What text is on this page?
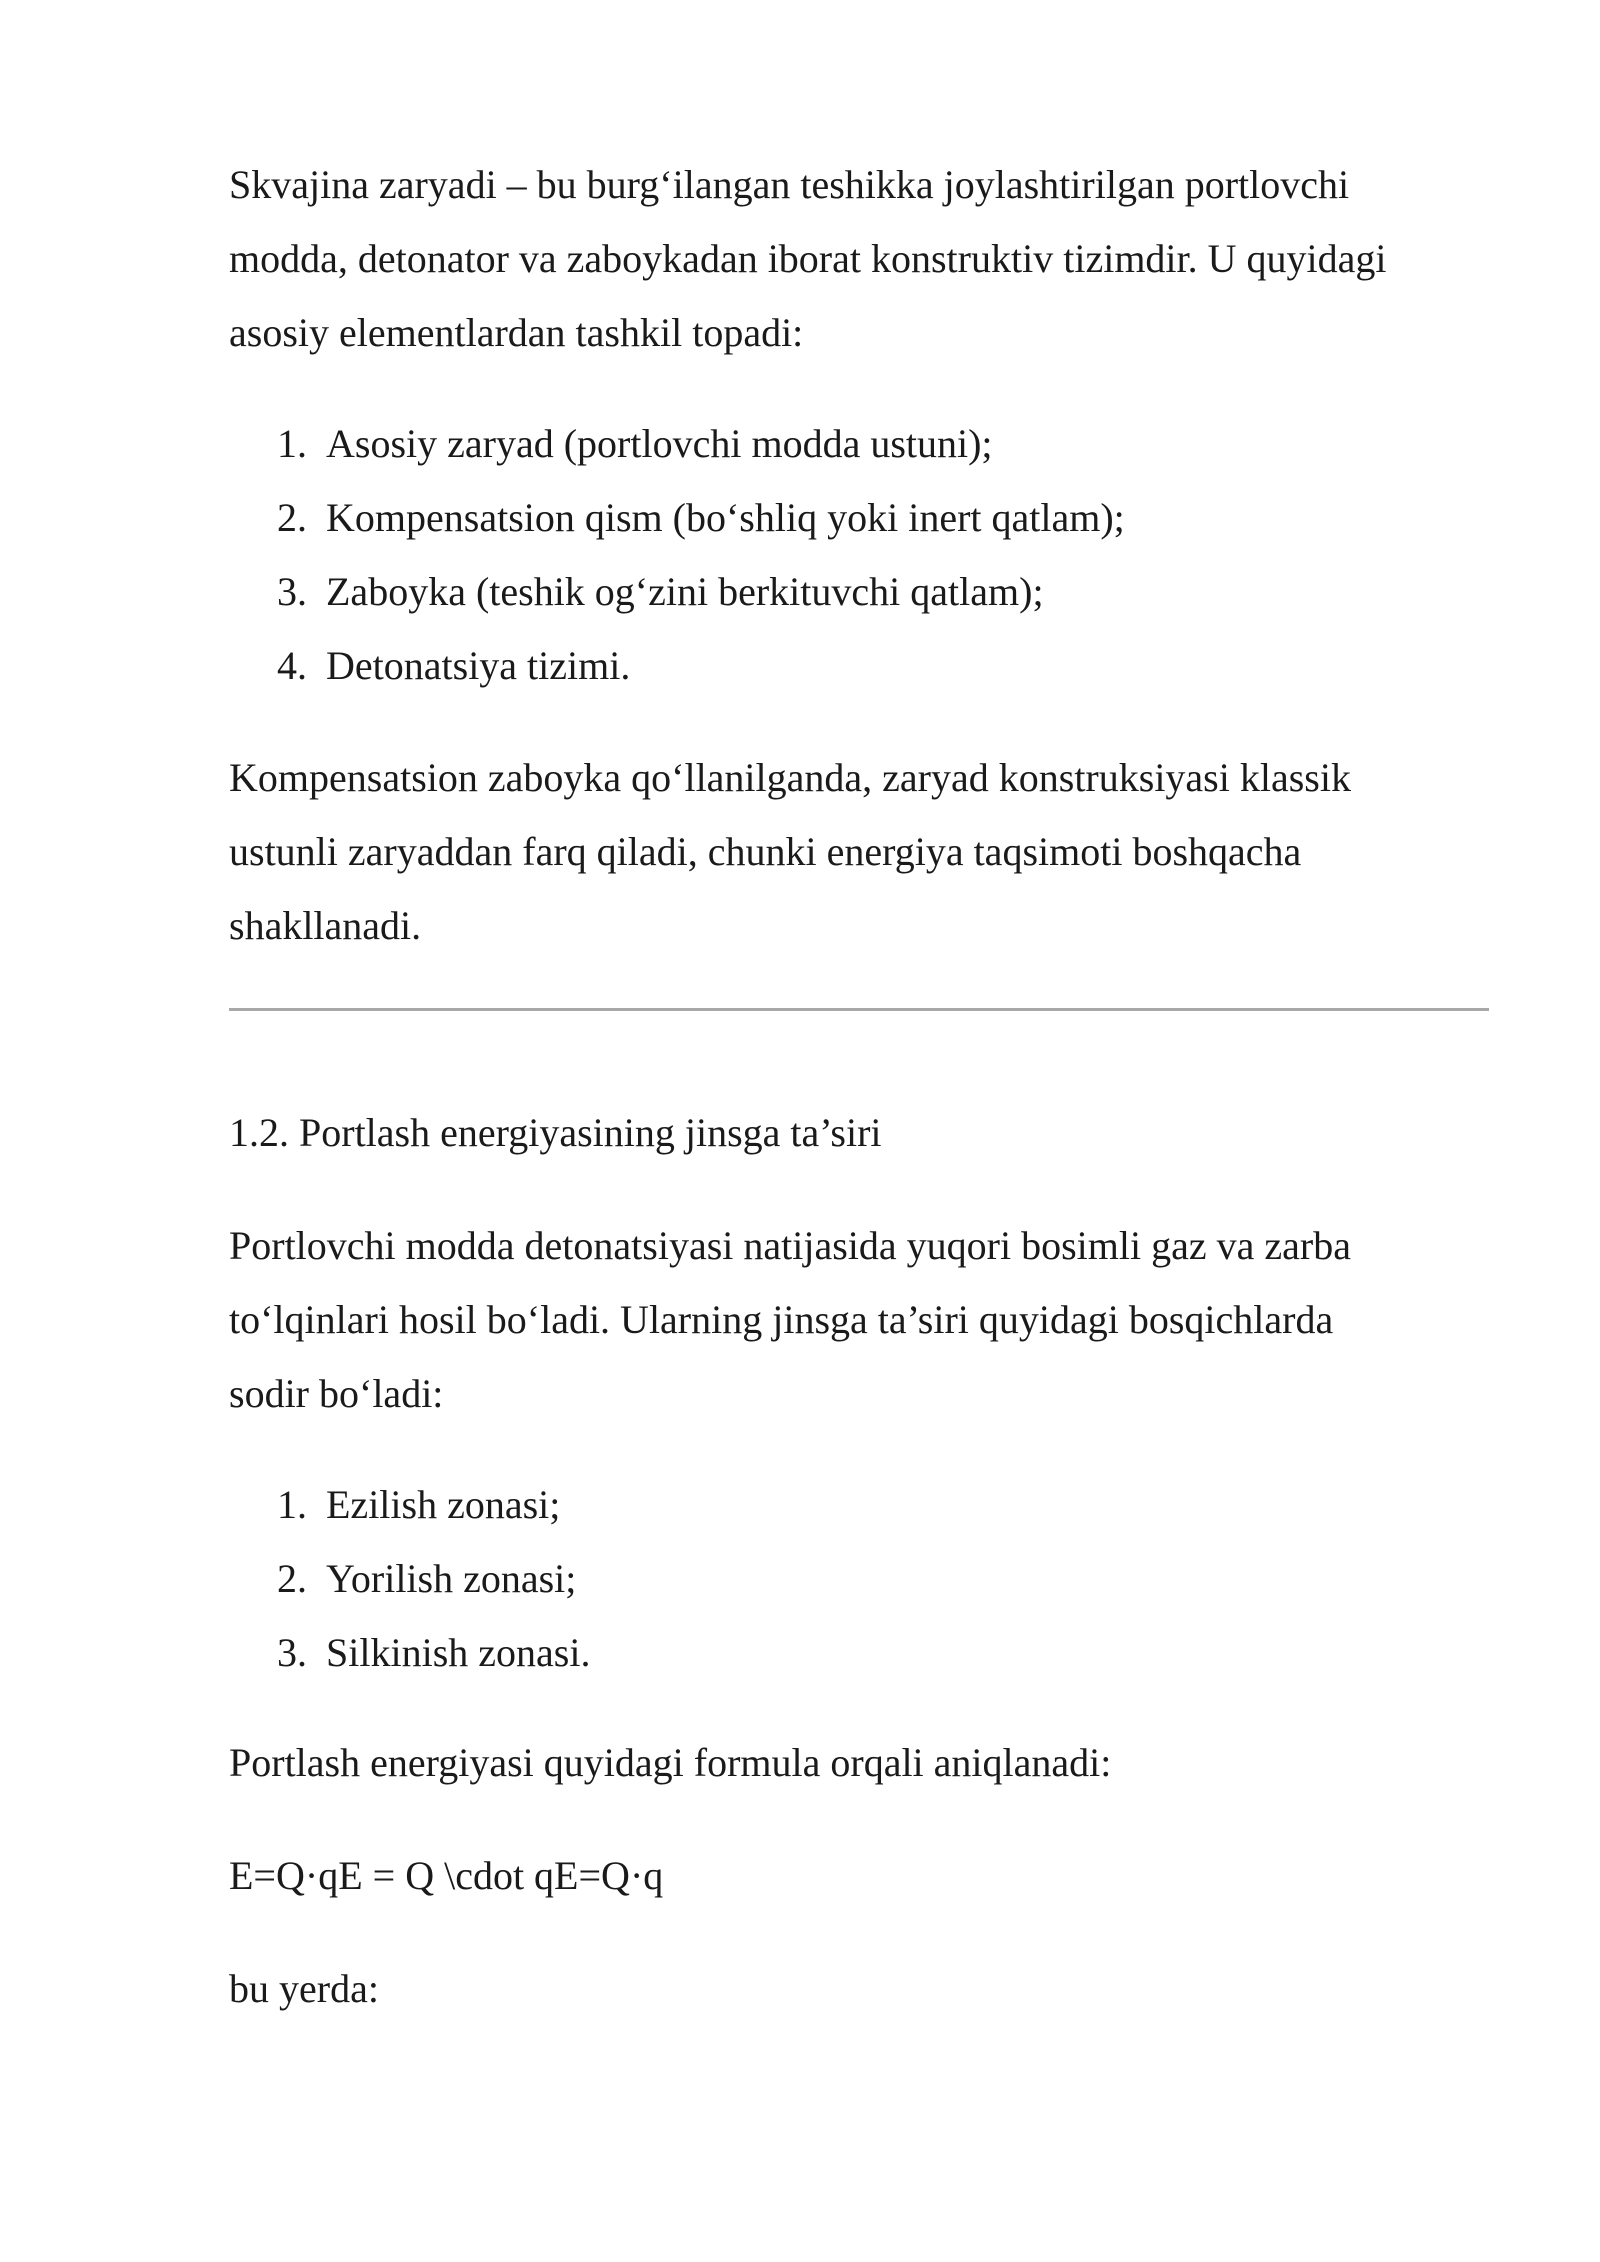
Skvajina zaryadi – bu burg‘ilangan teshikka joylashtirilgan portlovchi
modda, detonator va zaboykadan iborat konstruktiv tizimdir. U quyidagi
asosiy elementlardan tashkil topadi:

1. Asosiy zaryad (portlovchi modda ustuni);
2. Kompensatsion qism (bo‘shliq yoki inert qatlam);
3. Zaboyka (teshik og‘zini berkituvchi qatlam);
4. Detonatsiya tizimi.

Kompensatsion zaboyka qo‘llanilganda, zaryad konstruksiyasi klassik
ustunli zaryaddan farq qiladi, chunki energiya taqsimoti boshqacha
shakllanadi.

1.2. Portlash energiyasining jinsga ta’siri

Portlovchi modda detonatsiyasi natijasida yuqori bosimli gaz va zarba
to‘lqinlari hosil bo‘ladi. Ularning jinsga ta’siri quyidagi bosqichlarda
sodir bo‘ladi:

1. Ezilish zonasi;
2. Yorilish zonasi;
3. Silkinish zonasi.

Portlash energiyasi quyidagi formula orqali aniqlanadi:

E=Q·qE = Q \cdot qE=Q·q

bu yerda:
